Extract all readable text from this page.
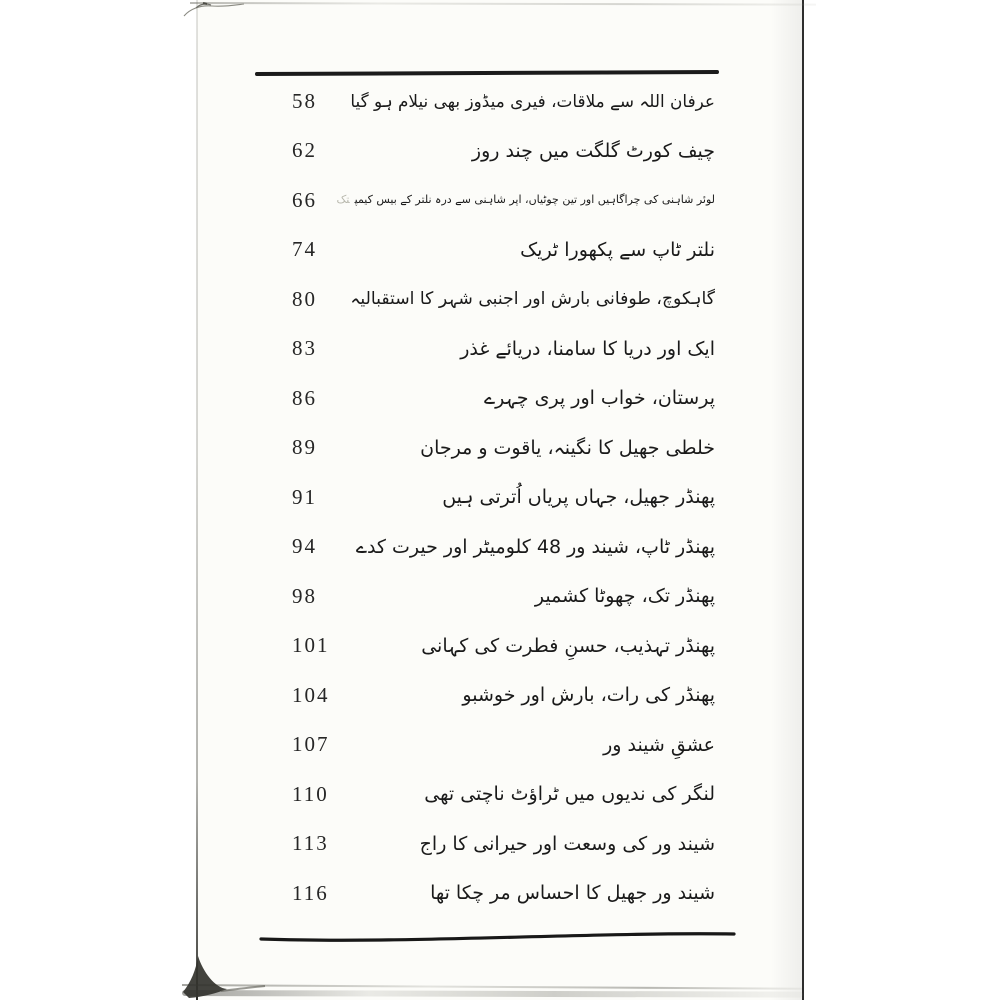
58	عرفان اللہ سے ملاقات، فیری میڈوز بھی نیلام ہو گیا
62	چیف کورٹ گلگت میں چند روز
66	لوئر شاہنی کی چراگاہیں اور تین چوٹیاں، اپر شاہنی سے درہ نلتر کے بیس کیمپتک
74	نلتر ٹاپ سے پکھورا ٹریک
80	گاہکوچ، طوفانی بارش اور اجنبی شہر کا استقبالیہ
83	ایک اور دریا کا سامنا، دریائے غذر
86	پرستان، خواب اور پری چہرے
89	خلطی جھیل کا نگینہ، یاقوت و مرجان
91	پھنڈر جھیل، جہاں پریاں اُترتی ہیں
94	پھنڈر ٹاپ، شیند ور 48 کلومیٹر اور حیرت کدے
98	پھنڈر تک، چھوٹا کشمیر
101	پھنڈر تہذیب، حسنِ فطرت کی کہانی
104	پھنڈر کی رات، بارش اور خوشبو
107	عشقِ شیند ور
110	لنگر کی ندیوں میں ٹراؤٹ ناچتی تھی
113	شیند ور کی وسعت اور حیرانی کا راج
116	شیند ور جھیل کا احساس مر چکا تھا
